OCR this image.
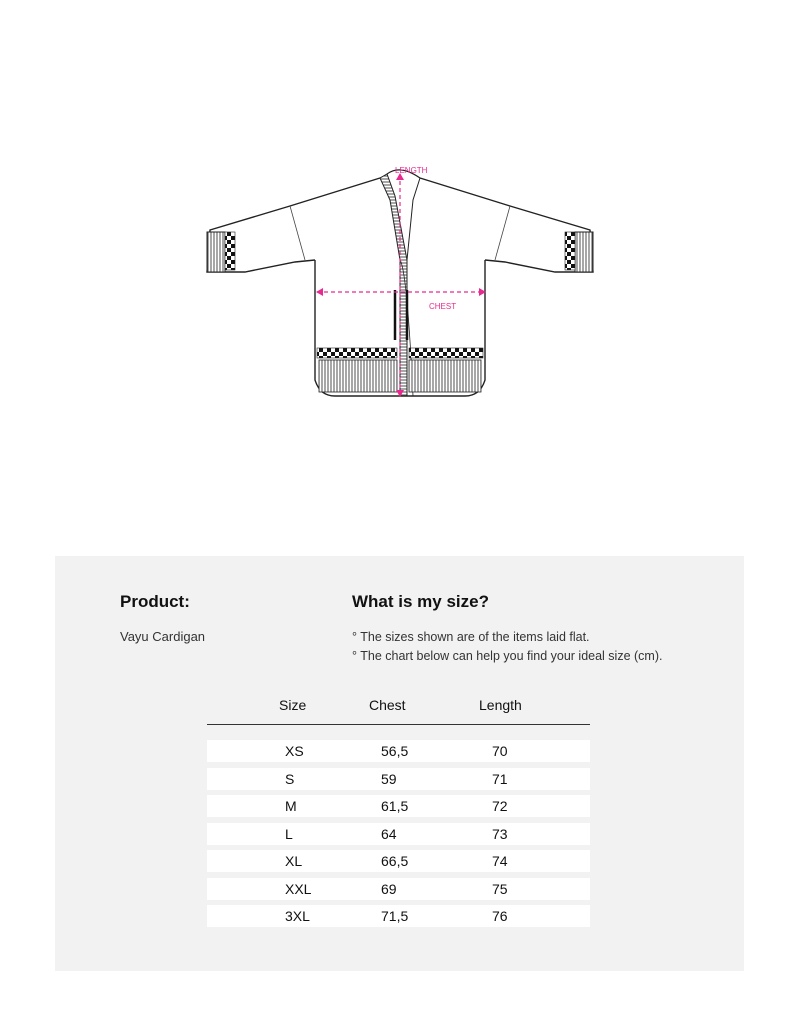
LENGTH
CHEST
Product:
Vayu Cardigan
What is my size?
° The sizes shown are of the items laid flat.
° The chart below can help you find your ideal size (cm).
Size	Chest	Length
XS	56,5	70
S	59	71
M	61,5	72
L	64	73
XL	66,5	74
XXL	69	75
3XL	71,5	76
